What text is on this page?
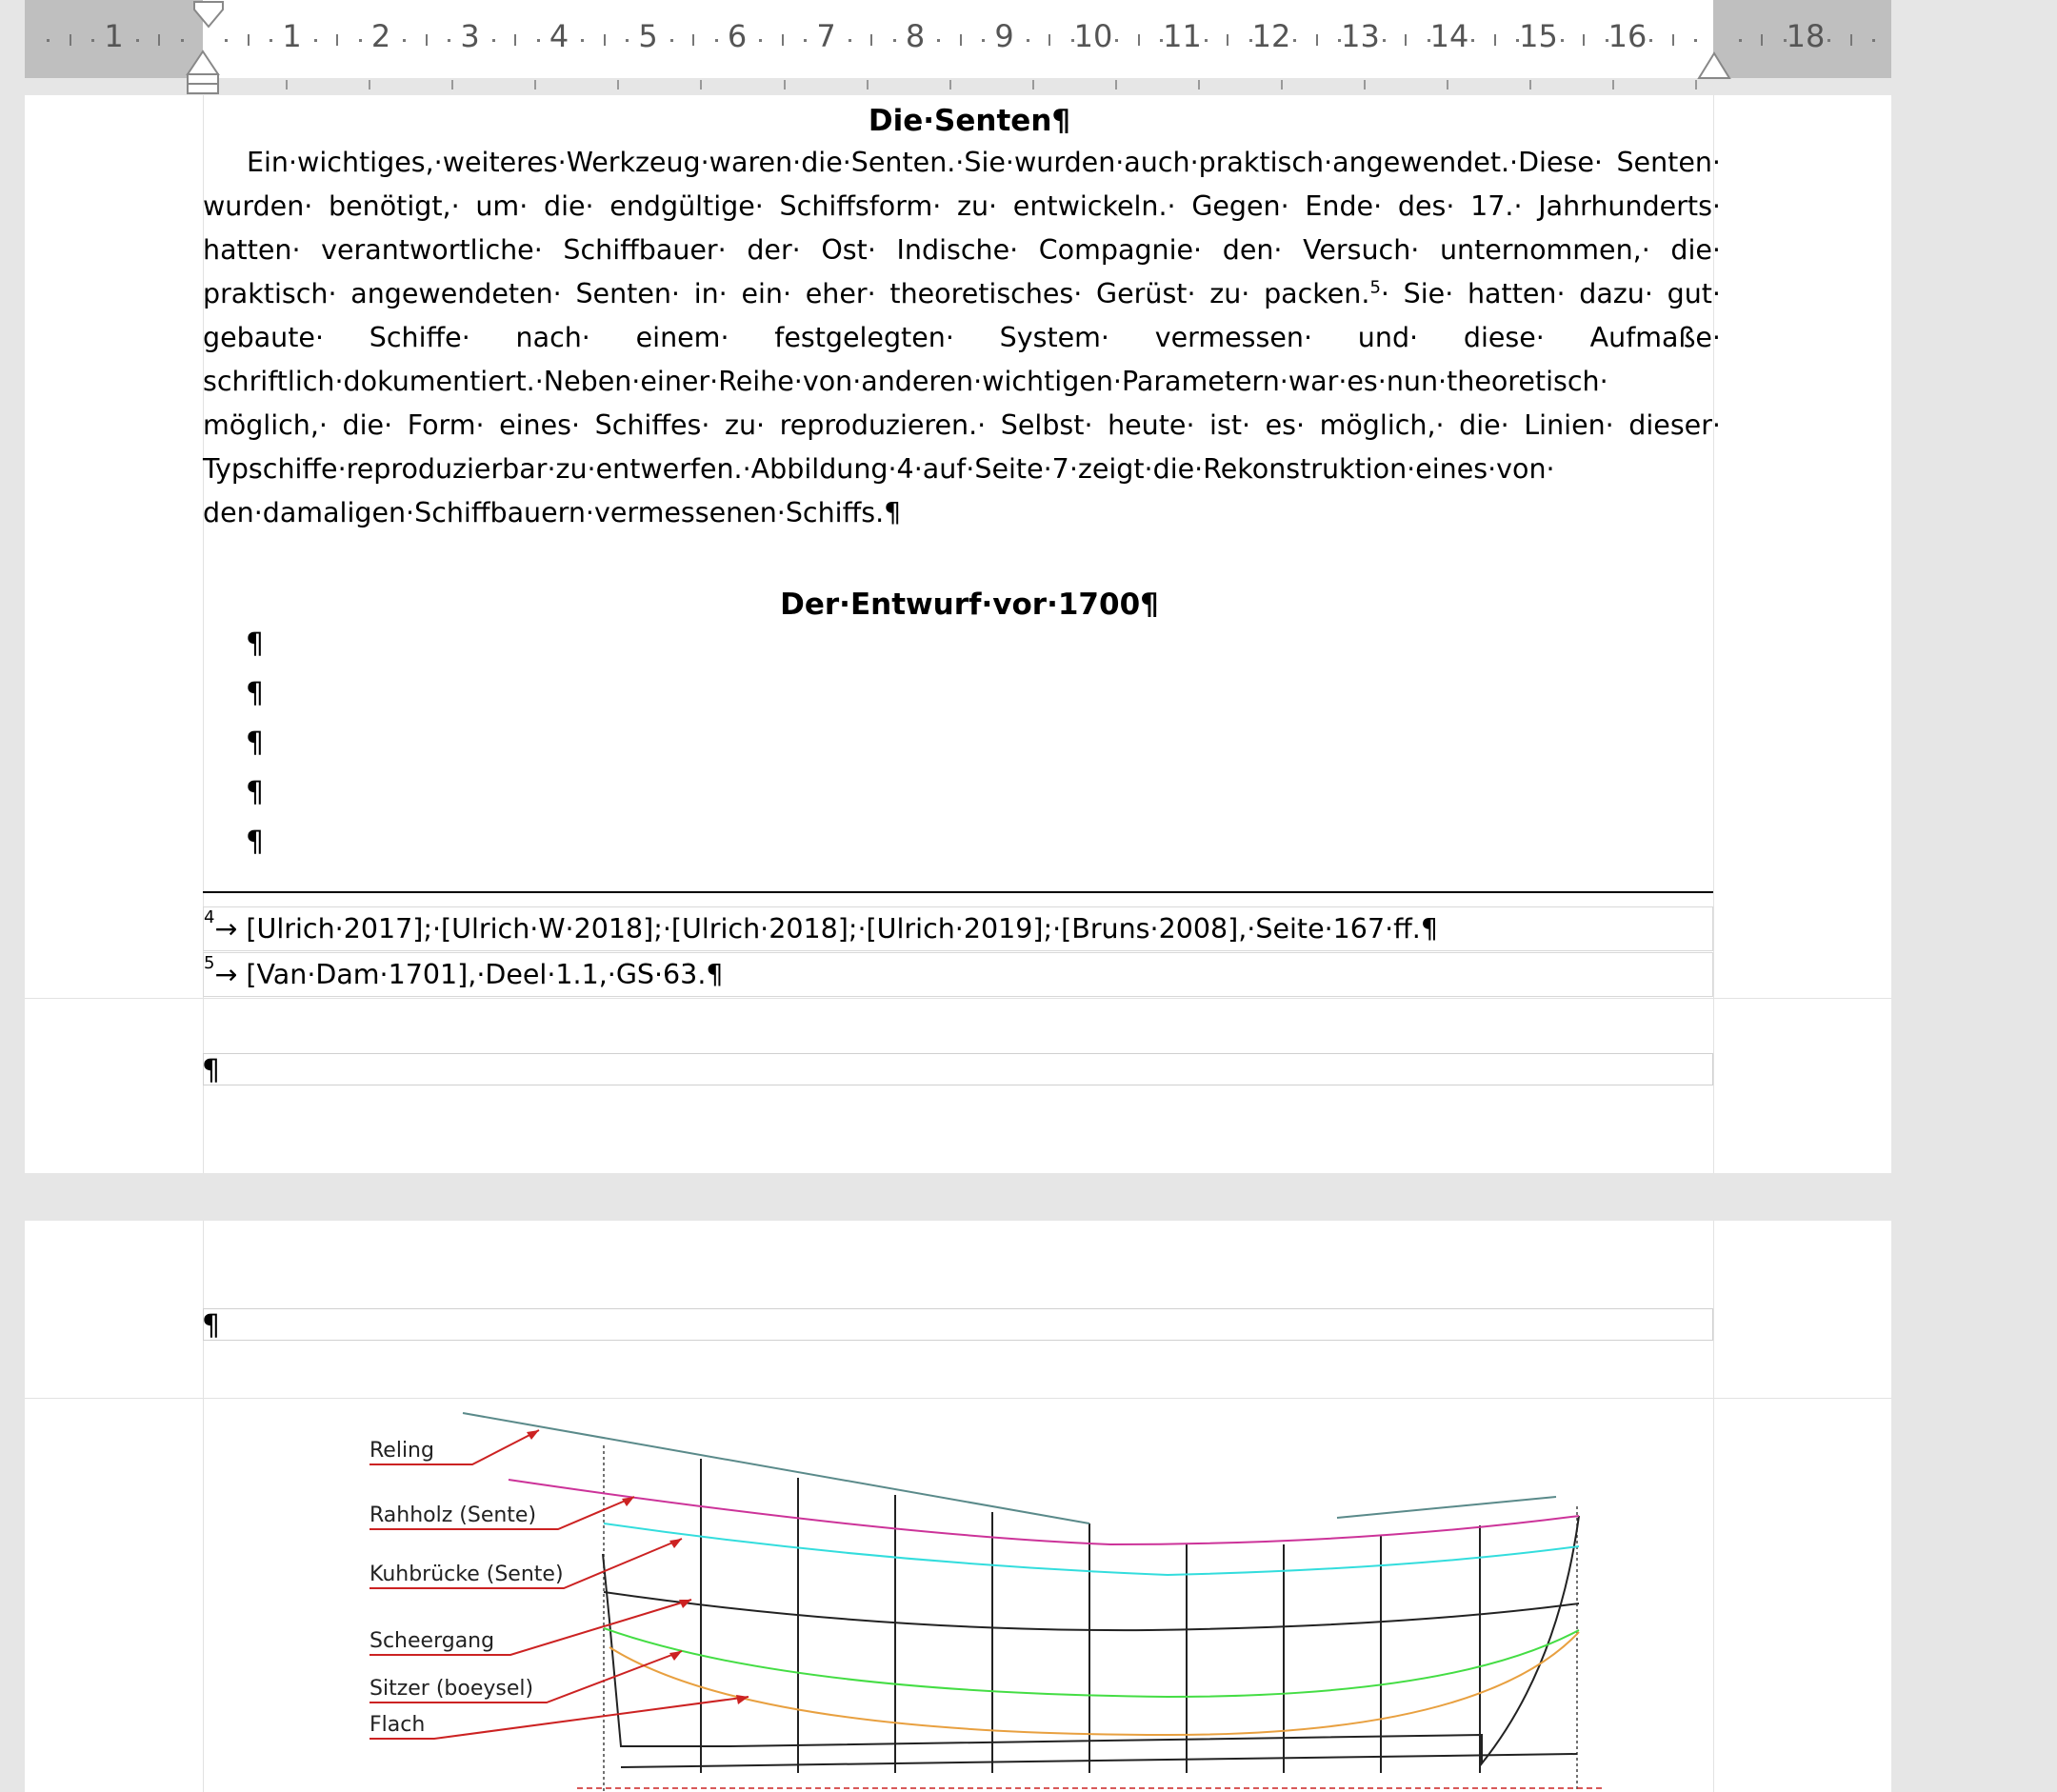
1	1 2 3 4 5 6 7 8 9 10 11 12 13 14 15 16	18
Die·Senten¶
Ein·wichtiges,·weiteres·Werkzeug·waren·die·Senten.·Sie·wurden·auch·praktisch·angewendet.·Diese· Senten· wurden· benötigt,· um· die· endgültige· Schiffsform· zu· entwickeln.· Gegen· Ende· des· 17.· Jahrhunderts· hatten· verantwortliche· Schiffbauer· der· Ost· Indische· Compagnie· den· Versuch· unternommen,· die· praktisch· angewendeten· Senten· in· ein· eher· theoretisches· Gerüst· zu· packen.$^5$· Sie· hatten· dazu· gut· gebaute· Schiffe· nach· einem· festgelegten· System· vermessen· und· diese· Aufmaße· schriftlich·dokumentiert.·Neben·einer·Reihe·von·anderen·wichtigen·Parametern·war·es·nun·theoretisch· möglich,· die· Form· eines· Schiffes· zu· reproduzieren.· Selbst· heute· ist· es· möglich,· die· Linien· dieser· Typschiffe·reproduzierbar·zu·entwerfen.·Abbildung·4·auf·Seite·7·zeigt·die·Rekonstruktion·eines·von· den·damaligen·Schiffbauern·vermessenen·Schiffs.¶
Der·Entwurf·vor·1700¶
¶
¶
¶
¶
¶
$^4$→ [Ulrich·2017];·[Ulrich·W·2018];·[Ulrich·2018];·[Ulrich·2019];·[Bruns·2008],·Seite·167·ff.¶
$^5$→ [Van·Dam·1701],·Deel·1.1,·GS·63.¶
¶
¶
Reling
Rahholz (Sente)
Kuhbrücke (Sente)
Scheergang
Sitzer (boeysel)
Flach
